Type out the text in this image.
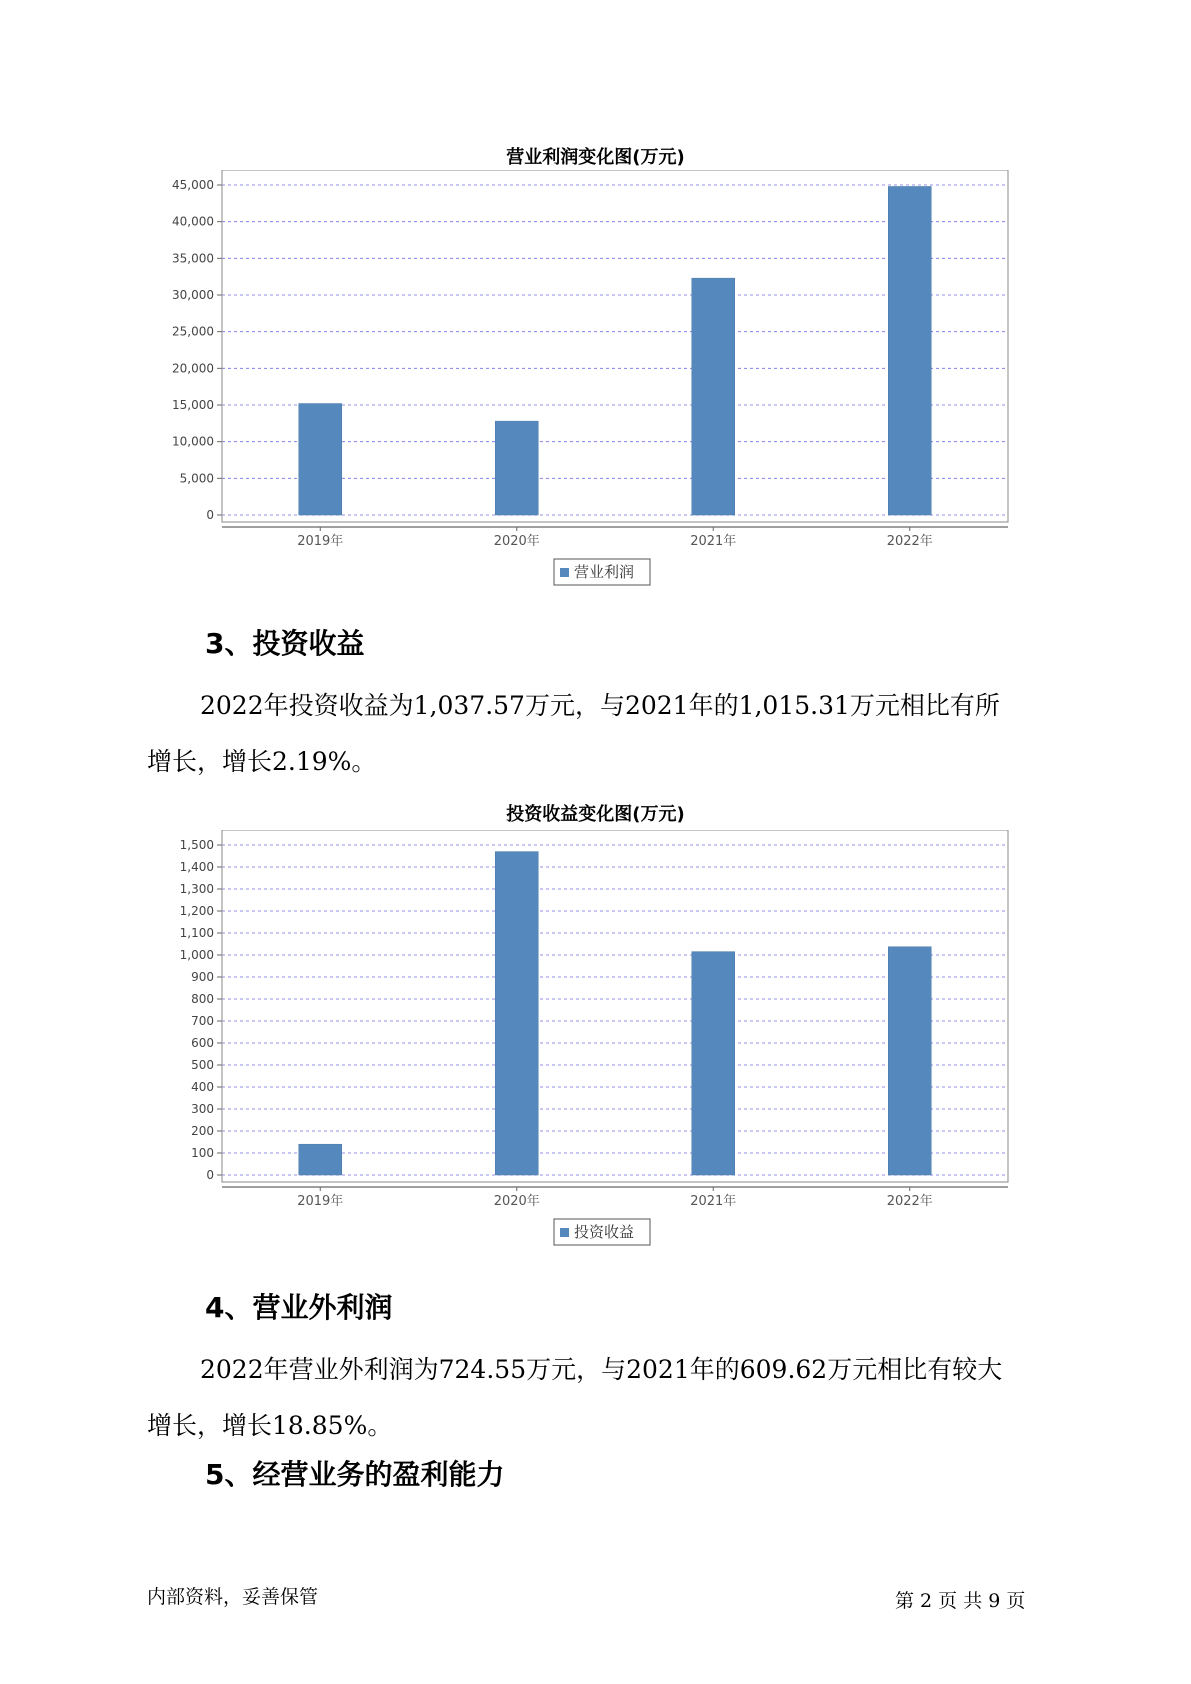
营业利润变化图(万元)
0
5,000
10,000
15,000
20,000
25,000
30,000
35,000
40,000
45,000
2019年	2020年	2021年	2022年
营业利润
3、投资收益

2022年投资收益为1,037.57万元，与2021年的1,015.31万元相比有所
增长，增长2.19%。

投资收益变化图(万元)
0
100
200
300
400
500
600
700
800
900
1,000
1,100
1,200
1,300
1,400
1,500
2019年	2020年	2021年	2022年
投资收益
4、营业外利润

2022年营业外利润为724.55万元，与2021年的609.62万元相比有较大
增长，增长18.85%。

5、经营业务的盈利能力
内部资料，妥善保管	第 2 页 共 9 页
